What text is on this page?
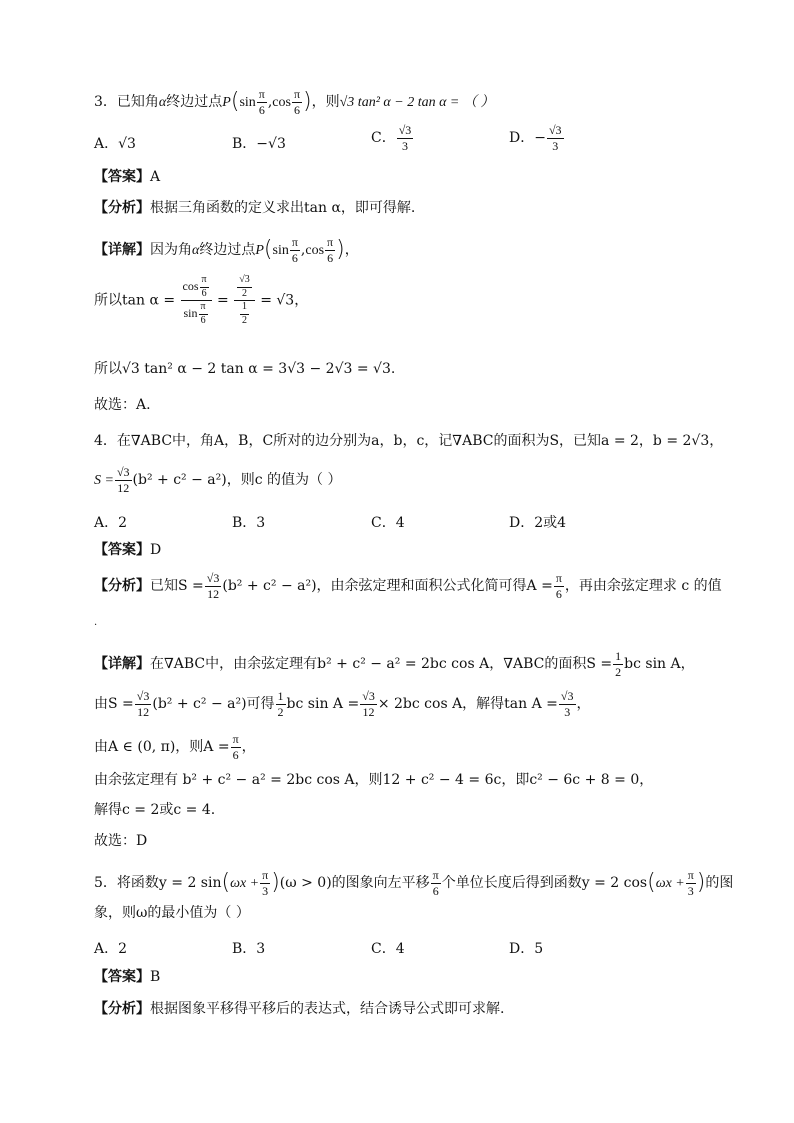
3．已知角α终边过点$P(\sin \frac{\pi}{6} ,\cos \frac{\pi}{6}$ )，则√3 tan² α − 2 tan α = （ ）
A．√3	B．−√3	C． $\frac{√3}{3}$	D．− $\frac{√3}{3}$
【答案】A
【分析】根据三角函数的定义求出tan α，即可得解.
【详解】因为角α终边过点$P(\sin \frac{\pi}{6} ,\cos \frac{\pi}{6}$ )，
所以$\tan \alpha = \frac{\cos \frac{\pi}{6}}{\sin \frac{\pi}{6}} = \frac{\frac{√3}{2}}{\frac{1}{2}} = √3$，
所以√3 tan² α − 2 tan α = 3√3 − 2√3 = √3.
故选：A.
4．在∇ABC中，角A，B，C所对的边分别为a，b，c，记∇ABC的面积为S，已知a = 2，b = 2√3，
$S = \frac{√3}{12} (b^2 + c^2 - a^2)$，则c 的值为（ ）
A．2	B．3	C．4	D．2或4
【答案】D
【分析】已知$S = \frac{√3}{12} (b^2 + c^2 - a^2)$，由余弦定理和面积公式化简可得$A = \frac{\pi}{6}$ ，再由余弦定理求 c 的值
.
【详解】在∇ABC中，由余弦定理有b² + c² − a² = 2bc cos A，∇ABC的面积$S = \frac{1}{2}$ bc sin A，
由$S = \frac{√3}{12} (b^2 + c^2 - a^2)$可得 $\frac{1}{2}$ bc $\sin A = \frac{√3}{12} \times 2bc$ cos A，解得$\tan A = \frac{√3}{3}$ ，
由A ∈ (0, π)，则$A = \frac{\pi}{6}$ ，
由余弦定理有 b² + c² − a² = 2bc cos A，则12 + c² − 4 = 6c，即c² − 6c + 8 = 0，
解得c = 2或c = 4.
故选：D
5．将函数y = 2 $\sin(\omega x + \frac{\pi}{3} )(\omega > 0)$的图象向左平移 $\frac{\pi}{6}$ 个单位长度后得到函数y = 2 $\cos(\omega x + \frac{\pi}{3}$ )的图
象，则ω的最小值为（ ）
A．2	B．3	C．4	D．5
【答案】B
【分析】根据图象平移得平移后的表达式，结合诱导公式即可求解.
